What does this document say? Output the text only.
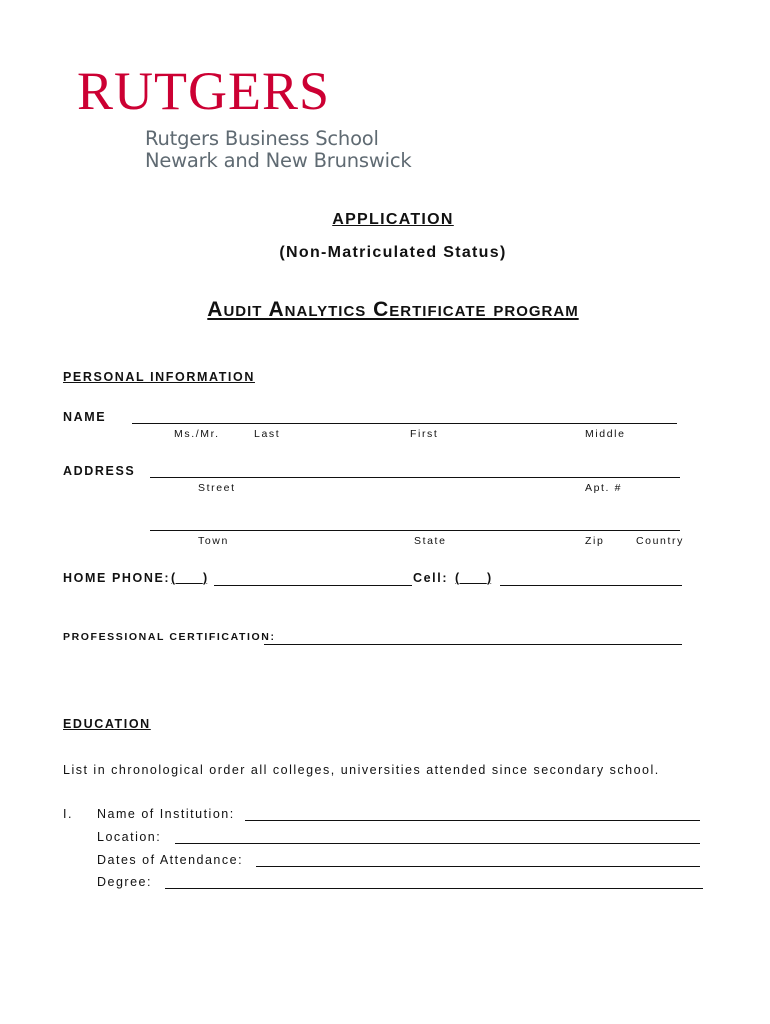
RUTGERS
Rutgers Business School
Newark and New Brunswick
APPLICATION
(Non-Matriculated Status)
Audit Analytics Certificate program
PERSONAL INFORMATION
NAME
Ms./Mr.	Last	First	Middle
ADDRESS
Street	Apt. #
Town	State	Zip	Country
HOME PHONE: (____)	Cell: (____)
PROFESSIONAL CERTIFICATION:
EDUCATION
List in chronological order all colleges, universities attended since secondary school.
I. Name of Institution:
Location:
Dates of Attendance:
Degree:
